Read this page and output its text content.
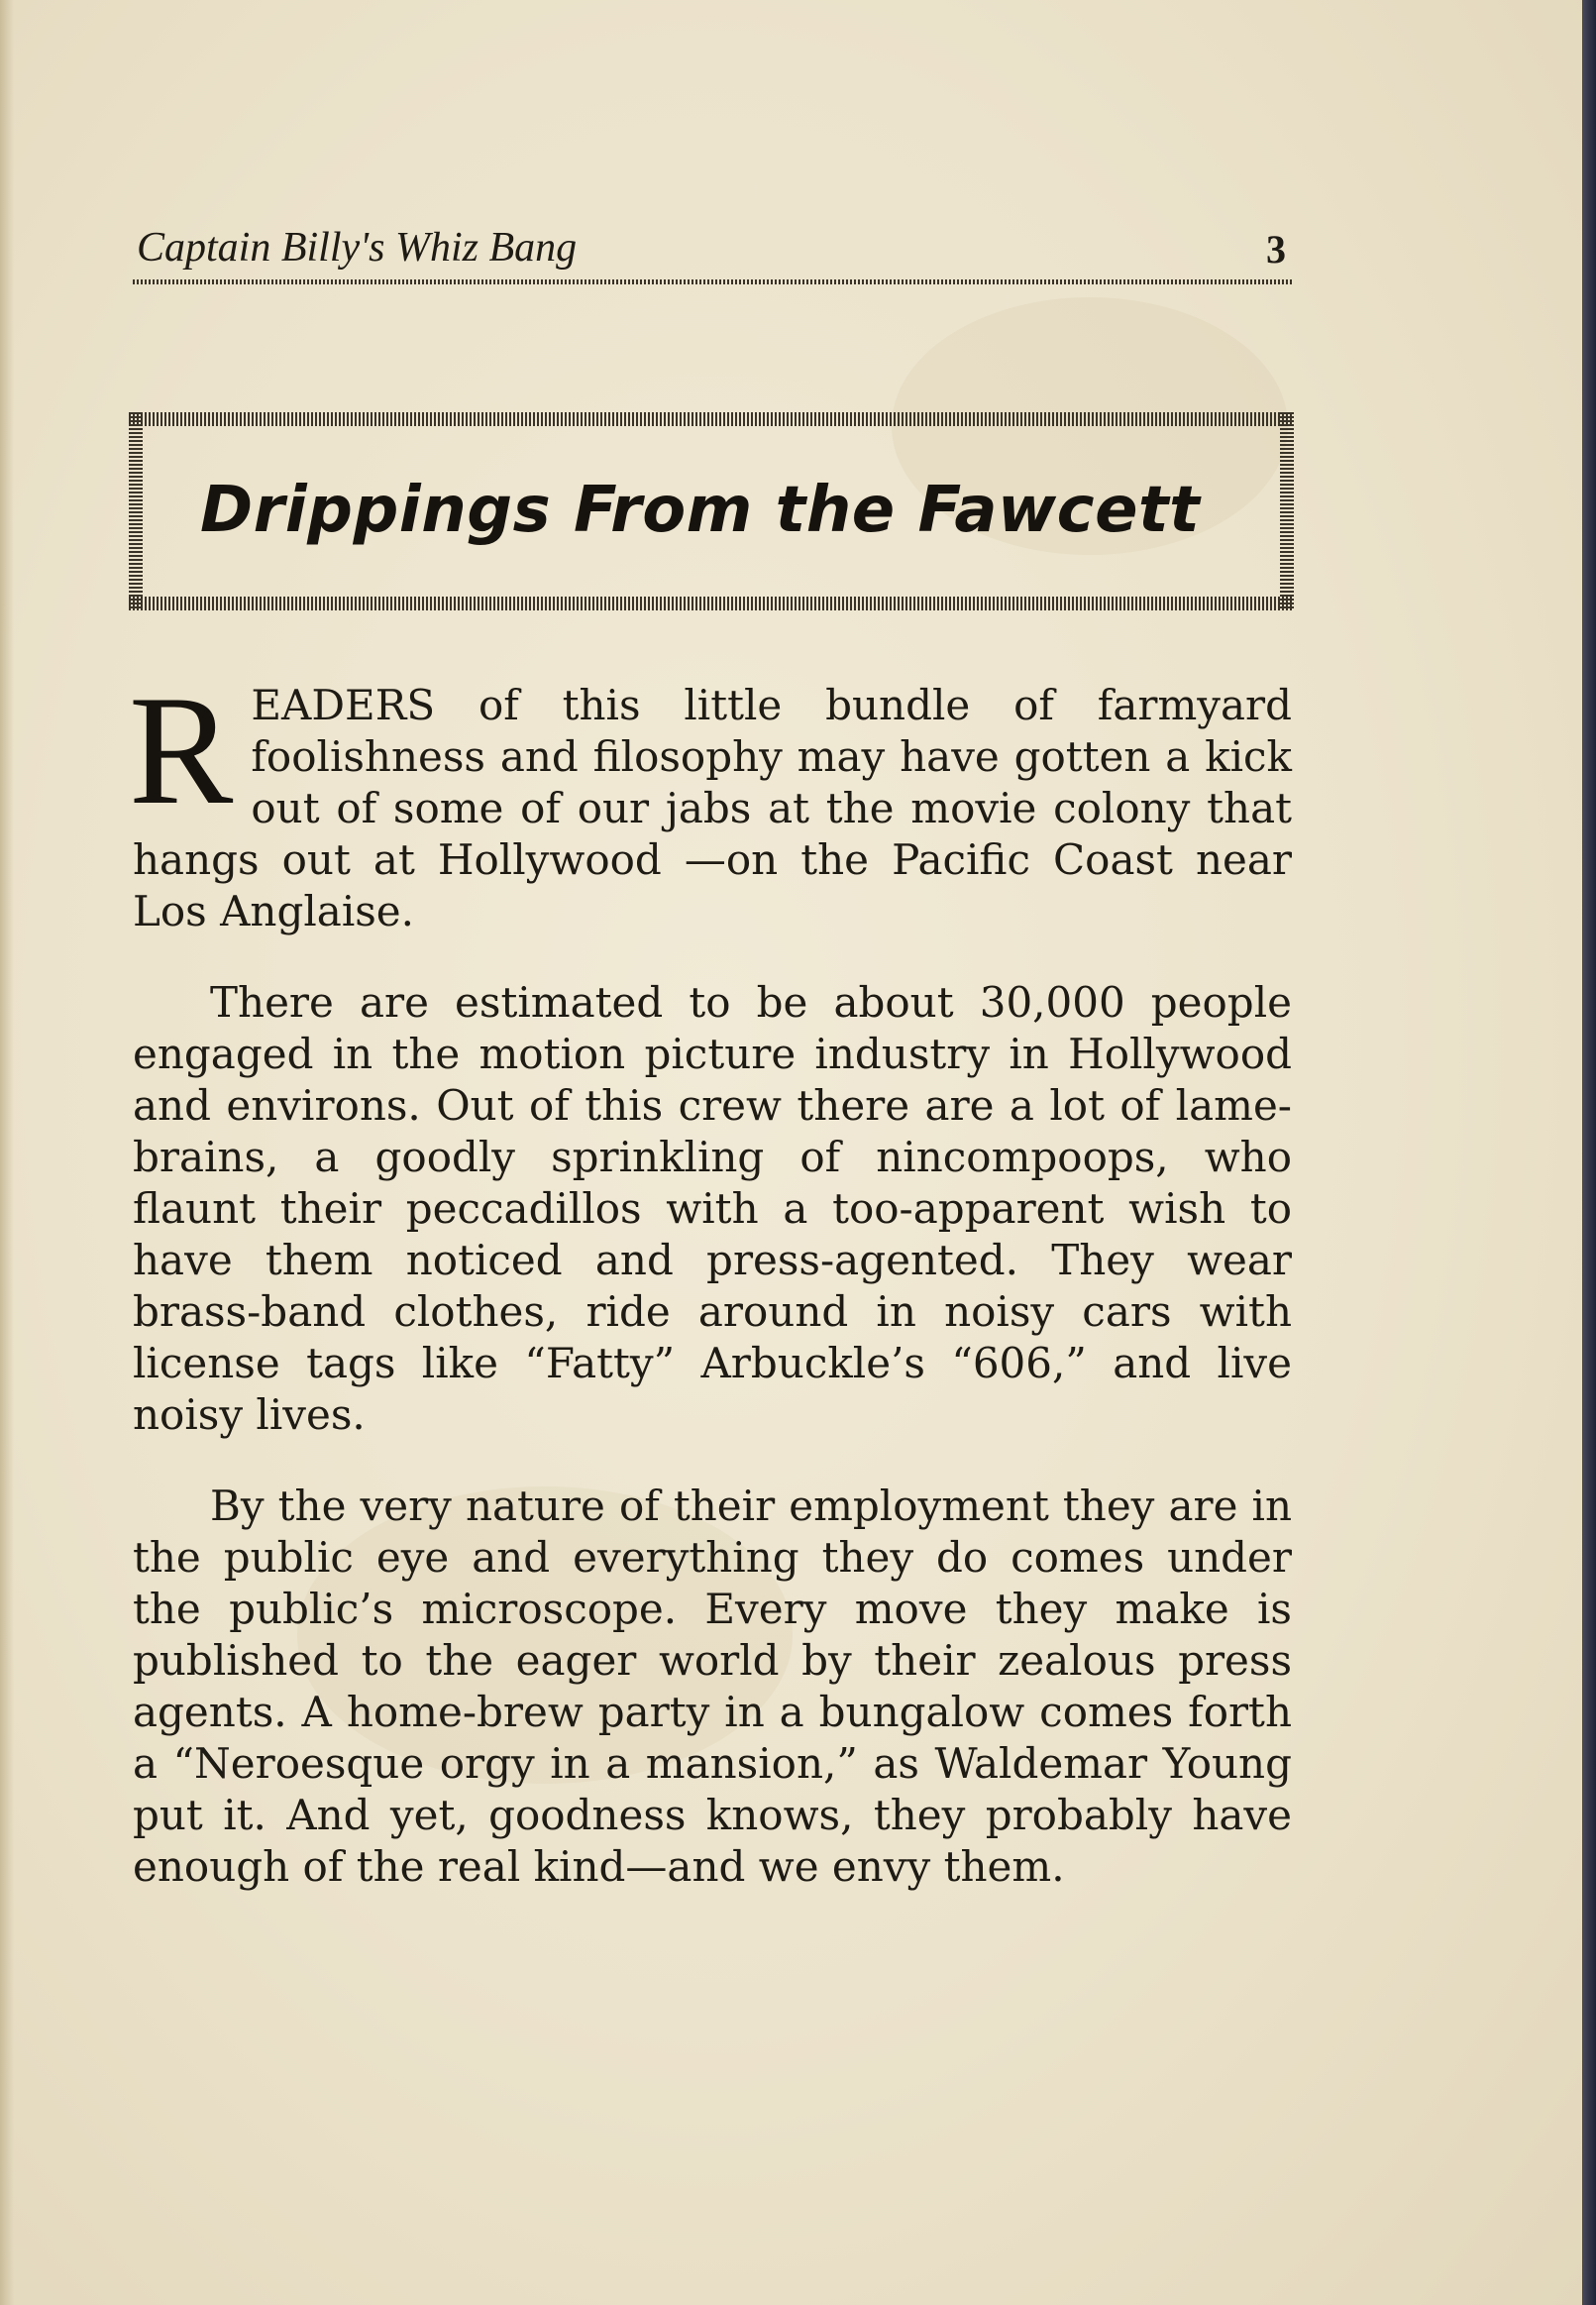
Captain Billy's Whiz Bang	3
Drippings From the Fawcett

READERS of this little bundle of farmyard foolishness and filosophy may have gotten a kick out of some of our jabs at the movie colony that hangs out at Hollywood —on the Pacific Coast near Los Anglaise.

There are estimated to be about 30,000 people engaged in the motion picture industry in Hollywood and environs. Out of this crew there are a lot of lame-brains, a goodly sprinkling of nincompoops, who flaunt their peccadillos with a too-apparent wish to have them noticed and press-agented. They wear brass-band clothes, ride around in noisy cars with license tags like “Fatty” Arbuckle’s “606,” and live noisy lives.

By the very nature of their employment they are in the public eye and everything they do comes under the public’s microscope. Every move they make is published to the eager world by their zealous press agents. A home-brew party in a bungalow comes forth a “Neroesque orgy in a mansion,” as Waldemar Young put it. And yet, goodness knows, they probably have enough of the real kind—and we envy them.
